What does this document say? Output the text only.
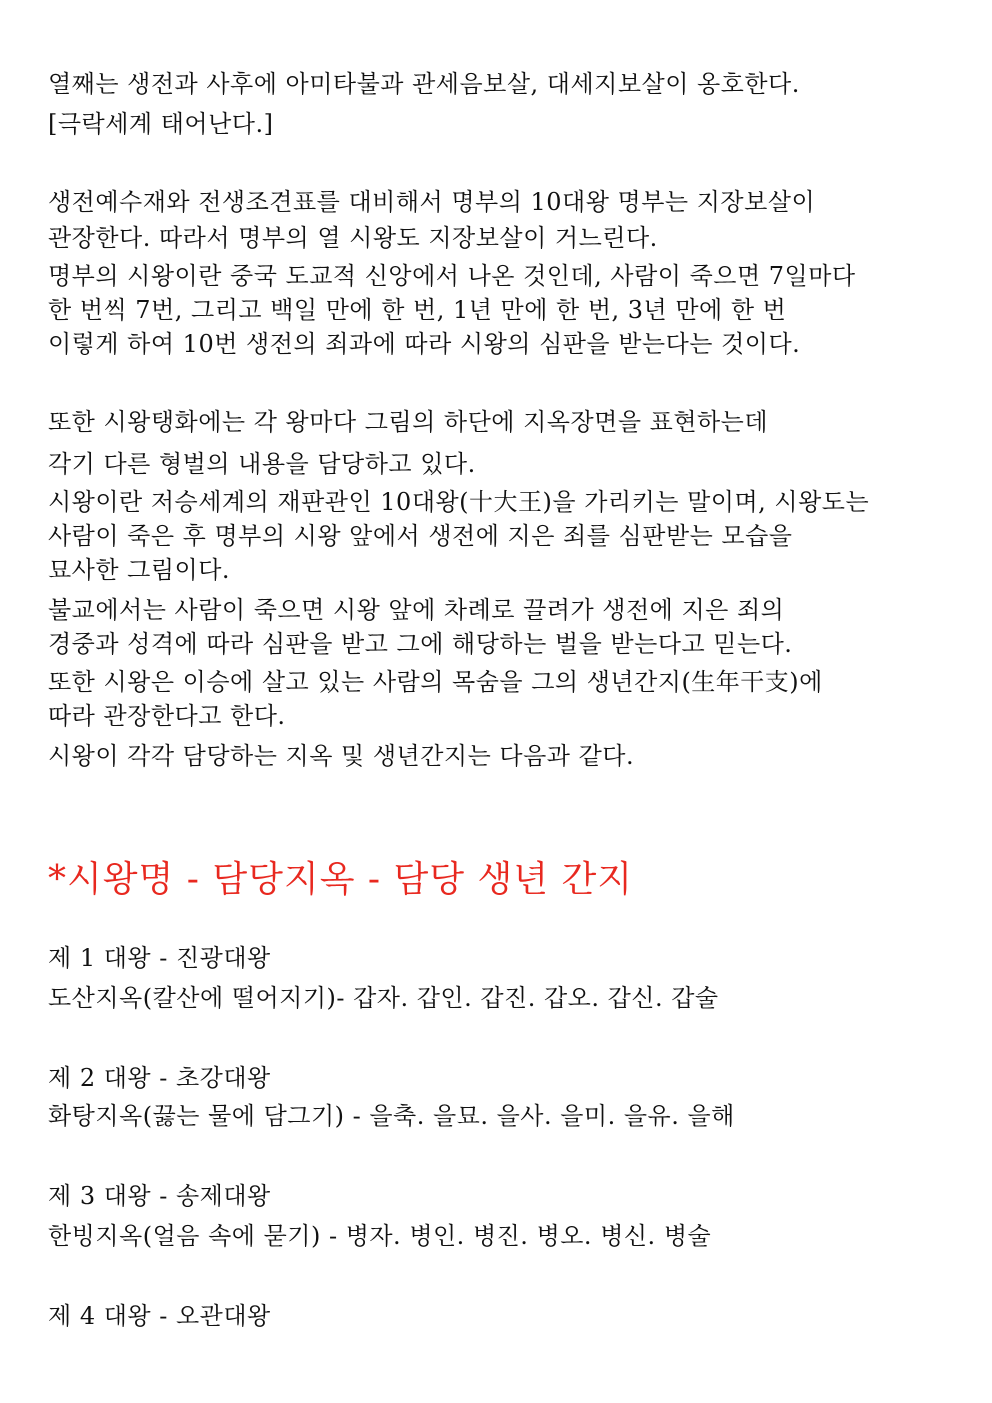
열째는 생전과 사후에 아미타불과 관세음보살, 대세지보살이 옹호한다.
[극락세계 태어난다.]
생전예수재와 전생조견표를 대비해서 명부의 10대왕 명부는 지장보살이
관장한다. 따라서 명부의 열 시왕도 지장보살이 거느린다.
명부의 시왕이란 중국 도교적 신앙에서 나온 것인데, 사람이 죽으면 7일마다
한 번씩 7번, 그리고 백일 만에 한 번, 1년 만에 한 번, 3년 만에 한 번
이렇게 하여 10번 생전의 죄과에 따라 시왕의 심판을 받는다는 것이다.
또한 시왕탱화에는 각 왕마다 그림의 하단에 지옥장면을 표현하는데
각기 다른 형벌의 내용을 담당하고 있다.
시왕이란 저승세계의 재판관인 10대왕(十大王)을 가리키는 말이며, 시왕도는
사람이 죽은 후 명부의 시왕 앞에서 생전에 지은 죄를 심판받는 모습을
묘사한 그림이다.
불교에서는 사람이 죽으면 시왕 앞에 차례로 끌려가 생전에 지은 죄의
경중과 성격에 따라 심판을 받고 그에 해당하는 벌을 받는다고 믿는다.
또한 시왕은 이승에 살고 있는 사람의 목숨을 그의 생년간지(生年干支)에
따라 관장한다고 한다.
시왕이 각각 담당하는 지옥 및 생년간지는 다음과 같다.
*시왕명 - 담당지옥 - 담당 생년 간지
제 1 대왕 - 진광대왕
도산지옥(칼산에 떨어지기)- 갑자. 갑인. 갑진. 갑오. 갑신. 갑술
제 2 대왕 - 초강대왕
화탕지옥(끓는 물에 담그기) - 을축. 을묘. 을사. 을미. 을유. 을해
제 3 대왕 - 송제대왕
한빙지옥(얼음 속에 묻기) - 병자. 병인. 병진. 병오. 병신. 병술
제 4 대왕 - 오관대왕
